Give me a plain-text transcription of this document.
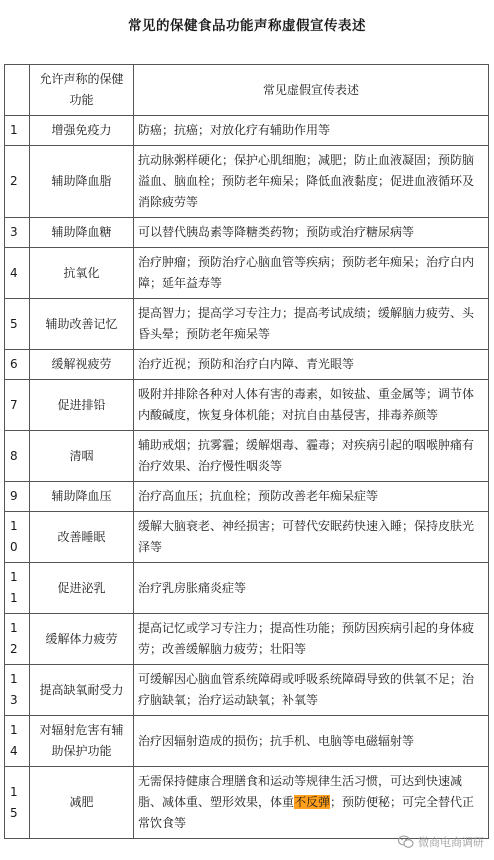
常见的保健食品功能声称虚假宣传表述
	允许声称的保健功能	常见虚假宣传表述
1	增强免疫力	防癌；抗癌；对放化疗有辅助作用等
2	辅助降血脂	抗动脉粥样硬化；保护心肌细胞；减肥；防止血液凝固；预防脑溢血、脑血栓；预防老年痴呆；降低血液黏度；促进血液循环及消除疲劳等
3	辅助降血糖	可以替代胰岛素等降糖类药物；预防或治疗糖尿病等
4	抗氧化	治疗肿瘤；预防治疗心脑血管等疾病；预防老年痴呆；治疗白内障；延年益寿等
5	辅助改善记忆	提高智力；提高学习专注力；提高考试成绩；缓解脑力疲劳、头昏头晕；预防老年痴呆等
6	缓解视疲劳	治疗近视；预防和治疗白内障、青光眼等
7	促进排铅	吸附并排除各种对人体有害的毒素，如铵盐、重金属等；调节体内酸碱度，恢复身体机能；对抗自由基侵害，排毒养颜等
8	清咽	辅助戒烟；抗雾霾；缓解烟毒、霾毒；对疾病引起的咽喉肿痛有治疗效果、治疗慢性咽炎等
9	辅助降血压	治疗高血压；抗血栓；预防改善老年痴呆症等
10	改善睡眠	缓解大脑衰老、神经损害；可替代安眠药快速入睡；保持皮肤光泽等
11	促进泌乳	治疗乳房胀痛炎症等
12	缓解体力疲劳	提高记忆或学习专注力；提高性功能；预防因疾病引起的身体疲劳；改善缓解脑力疲劳；壮阳等
13	提高缺氧耐受力	可缓解因心脑血管系统障碍或呼吸系统障碍导致的供氧不足；治疗脑缺氧；治疗运动缺氧；补氧等
14	对辐射危害有辅助保护功能	治疗因辐射造成的损伤；抗手机、电脑等电磁辐射等
15	减肥	无需保持健康合理膳食和运动等规律生活习惯，可达到快速减脂、减体重、塑形效果，体重不反弹；预防便秘；可完全替代正常饮食等
微商电商调研
